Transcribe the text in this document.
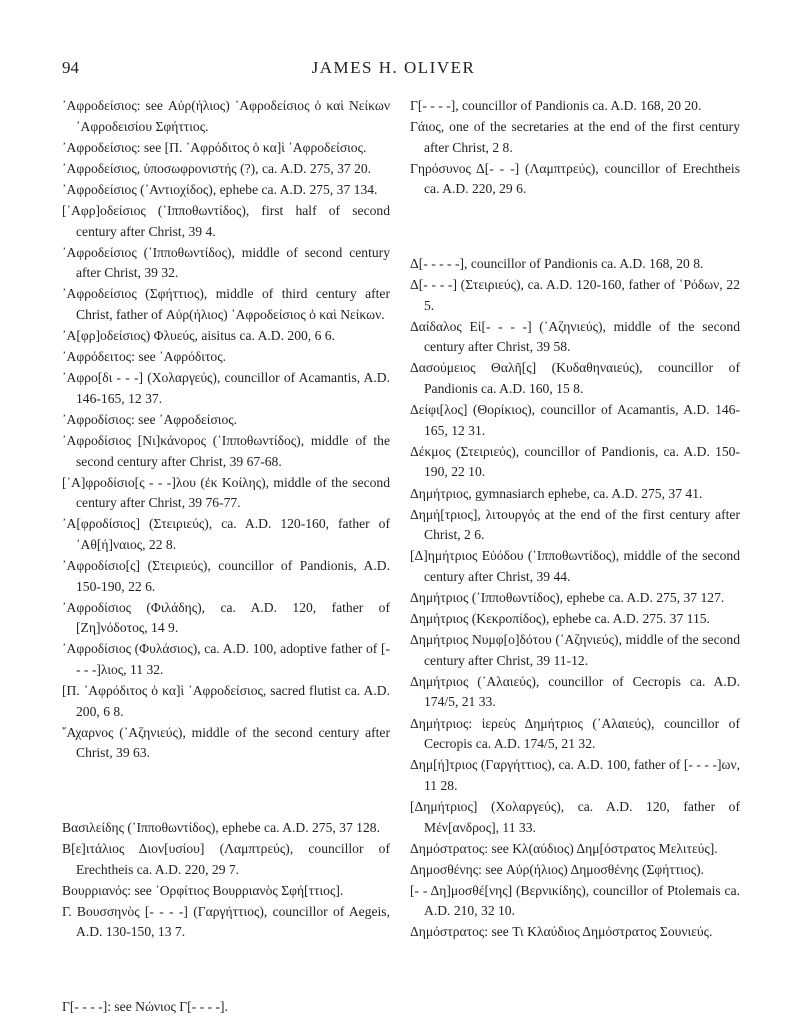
JAMES H. OLIVER
94

᾿Αφροδείσιος: see Αὐρ(ήλιος) ᾿Αφροδείσιος ὁ καὶ Νείκων ᾿Αφροδεισίου Σφήττιος.

᾿Αφροδείσιος: see [Π. ᾿Αφρόδιτος ὁ κα]ὶ ᾿Αφροδείσιος.

᾿Αφροδείσιος, ὑποσωφρονιστής (?), ca. A.D. 275, 37 20.

᾿Αφροδείσιος (᾿Αντιοχίδος), ephebe ca. A.D. 275, 37 134.

[᾿Αφρ]οδείσιος (῾Ιπποθωντίδος), first half of second century after Christ, 39 4.

᾿Αφροδείσιος (῾Ιπποθωντίδος), middle of second century after Christ, 39 32.

᾿Αφροδείσιος (Σφήττιος), middle of third century after Christ, father of Αὐρ(ήλιος) ᾿Αφροδείσιος ὁ καὶ Νείκων.

᾿Α[φρ]οδείσιος) Φλυεύς, aisitus ca. A.D. 200, 6 6.

᾿Αφρόδειτος: see ᾿Αφρόδιτος.

᾿Αφρο[δι - - -] (Χολαργεύς), councillor of Acamantis, A.D. 146-165, 12 37.

᾿Αφροδίσιος: see ᾿Αφροδείσιος.

᾿Αφροδίσιος [Νι]κάνορος (῾Ιπποθωντίδος), middle of the second century after Christ, 39 67-68.

[᾿Α]φροδίσιο[ς - - -]λου (ἐκ Κοίλης), middle of the second century after Christ, 39 76-77.

᾿Α[φροδίσιος] (Στειριεύς), ca. A.D. 120-160, father of ᾿Αθ[ή]ναιος, 22 8.

᾿Αφροδίσιο[ς] (Στειριεύς), councillor of Pandionis, A.D. 150-190, 22 6.

᾿Αφροδίσιος (Φιλάδης), ca. A.D. 120, father of [Ζη]νόδοτος, 14 9.

᾿Αφροδίσιος (Φυλάσιος), ca. A.D. 100, adoptive father of [- - - -]λιος, 11 32.

[Π. ᾿Αφρόδιτος ὁ κα]ὶ ᾿Αφροδείσιος, sacred flutist ca. A.D. 200, 6 8.

῎Αχαρνος (᾿Αζηνιεύς), middle of the second century after Christ, 39 63.

Βασιλείδης (῾Ιπποθωντίδος), ephebe ca. A.D. 275, 37 128.

Β[ε]ιτάλιος Διον[υσίου] (Λαμπτρεύς), councillor of Erechtheis ca. A.D. 220, 29 7.

Βουρριανός: see ᾿Ορφίτιος Βουρριανὸς Σφή[ττιος].

Γ. Βουσσηνὸς [- - - -] (Γαργήττιος), councillor of Aegeis, A.D. 130-150, 13 7.

Γ[- - - -]: see Νώνιος Γ[- - - -].

Γ[- - - -], councillor of Pandionis ca. A.D. 168, 20 20.

Γάιος, one of the secretaries at the end of the first century after Christ, 2 8.

Γηρόσυνος Δ[- - -] (Λαμπτρεύς), councillor of Erechtheis ca. A.D. 220, 29 6.

Δ[- - - - -], councillor of Pandionis ca. A.D. 168, 20 8.

Δ[- - - -] (Στειριεύς), ca. A.D. 120-160, father of ῾Ρόδων, 22 5.

Δαίδαλος Εἰ[- - - -] (᾿Αζηνιεύς), middle of the second century after Christ, 39 58.

Δασούμειος Θαλῆ[ς] (Κυδαθηναιεύς), councillor of Pandionis ca. A.D. 160, 15 8.

Δείφι[λος] (Θορίκιος), councillor of Acamantis, A.D. 146-165, 12 31.

Δέκμος (Στειριεύς), councillor of Pandionis, ca. A.D. 150-190, 22 10.

Δημήτριος, gymnasiarch ephebe, ca. A.D. 275, 37 41.

Δημή[τριος], λιτουργός at the end of the first century after Christ, 2 6.

[Δ]ημήτριος Εὐόδου (῾Ιπποθωντίδος), middle of the second century after Christ, 39 44.

Δημήτριος (῾Ιπποθωντίδος), ephebe ca. A.D. 275, 37 127.

Δημήτριος (Κεκροπίδος), ephebe ca. A.D. 275. 37 115.

Δημήτριος Νυμφ[ο]δότου (᾿Αζηνιεύς), middle of the second century after Christ, 39 11-12.

Δημήτριος (᾿Αλαιεύς), councillor of Cecropis ca. A.D. 174/5, 21 33.

Δημήτριος: ἱερεὺς Δημήτριος (᾿Αλαιεύς), councillor of Cecropis ca. A.D. 174/5, 21 32.

Δημ[ή]τριος (Γαργήττιος), ca. A.D. 100, father of [- - - -]ων, 11 28.

[Δημήτριος] (Χολαργεύς), ca. A.D. 120, father of Μέν[ανδρος], 11 33.

Δημόστρατος: see Κλ(αύδιος) Δημ[όστρατος Μελιτεύς].

Δημοσθένης: see Αὐρ(ήλιος) Δημοσθένης (Σφήττιος).

[- - Δη]μοσθέ[νης] (Βερνικίδης), councillor of Ptolemais ca. A.D. 210, 32 10.

Δημόστρατος: see Τι Κλαύδιος Δημόστρατος Σουνιεύς.
